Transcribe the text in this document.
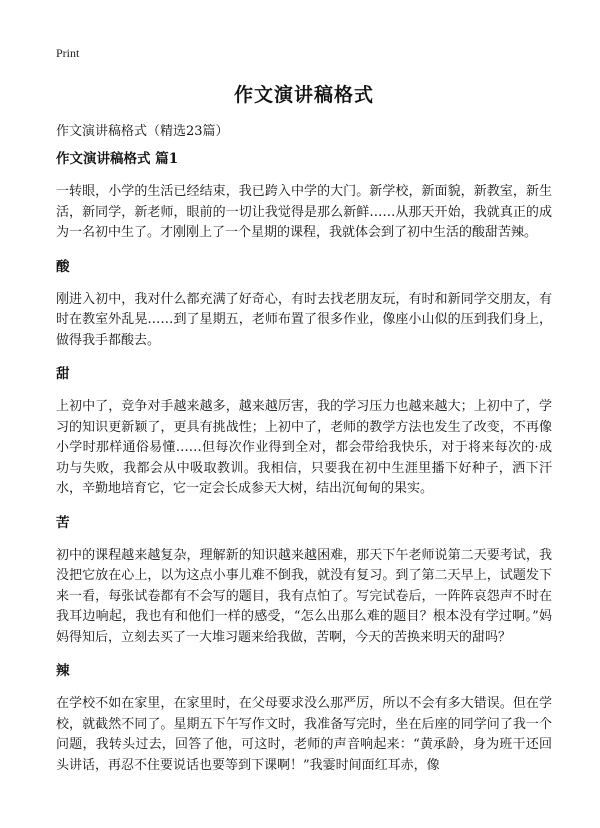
Print
作文演讲稿格式

作文演讲稿格式（精选23篇）

作文演讲稿格式 篇1

一转眼，小学的生活已经结束，我已跨入中学的大门。新学校，新面貌，新教室，新生活，新同学，新老师，眼前的一切让我觉得是那么新鲜……从那天开始，我就真正的成为一名初中生了。才刚刚上了一个星期的课程，我就体会到了初中生活的酸甜苦辣。

酸

刚进入初中，我对什么都充满了好奇心，有时去找老朋友玩，有时和新同学交朋友，有时在教室外乱晃……到了星期五，老师布置了很多作业，像座小山似的压到我们身上，做得我手都酸去。

甜

上初中了，竞争对手越来越多，越来越厉害，我的学习压力也越来越大；上初中了，学习的知识更新颖了，更具有挑战性；上初中了，老师的教学方法也发生了改变，不再像小学时那样通俗易懂……但每次作业得到全对，都会带给我快乐，对于将来每次的·成功与失败，我都会从中吸取教训。我相信，只要我在初中生涯里播下好种子，洒下汗水，辛勤地培育它，它一定会长成参天大树，结出沉甸甸的果实。

苦

初中的课程越来越复杂，理解新的知识越来越困难，那天下午老师说第二天要考试，我没把它放在心上，以为这点小事儿难不倒我，就没有复习。到了第二天早上，试题发下来一看，每张试卷都有不会写的题目，我有点怕了。写完试卷后，一阵阵哀怨声不时在我耳边响起，我也有和他们一样的感受，“怎么出那么难的题目？根本没有学过啊。”妈妈得知后，立刻去买了一大堆习题来给我做，苦啊，今天的苦换来明天的甜吗？

辣

在学校不如在家里，在家里时，在父母要求没么那严厉，所以不会有多大错误。但在学校，就截然不同了。星期五下午写作文时，我准备写完时，坐在后座的同学问了我一个问题，我转头过去，回答了他，可这时，老师的声音响起来：“黄承龄，身为班干还回头讲话，再忍不住要说话也要等到下课啊！”我霎时间面红耳赤，像
